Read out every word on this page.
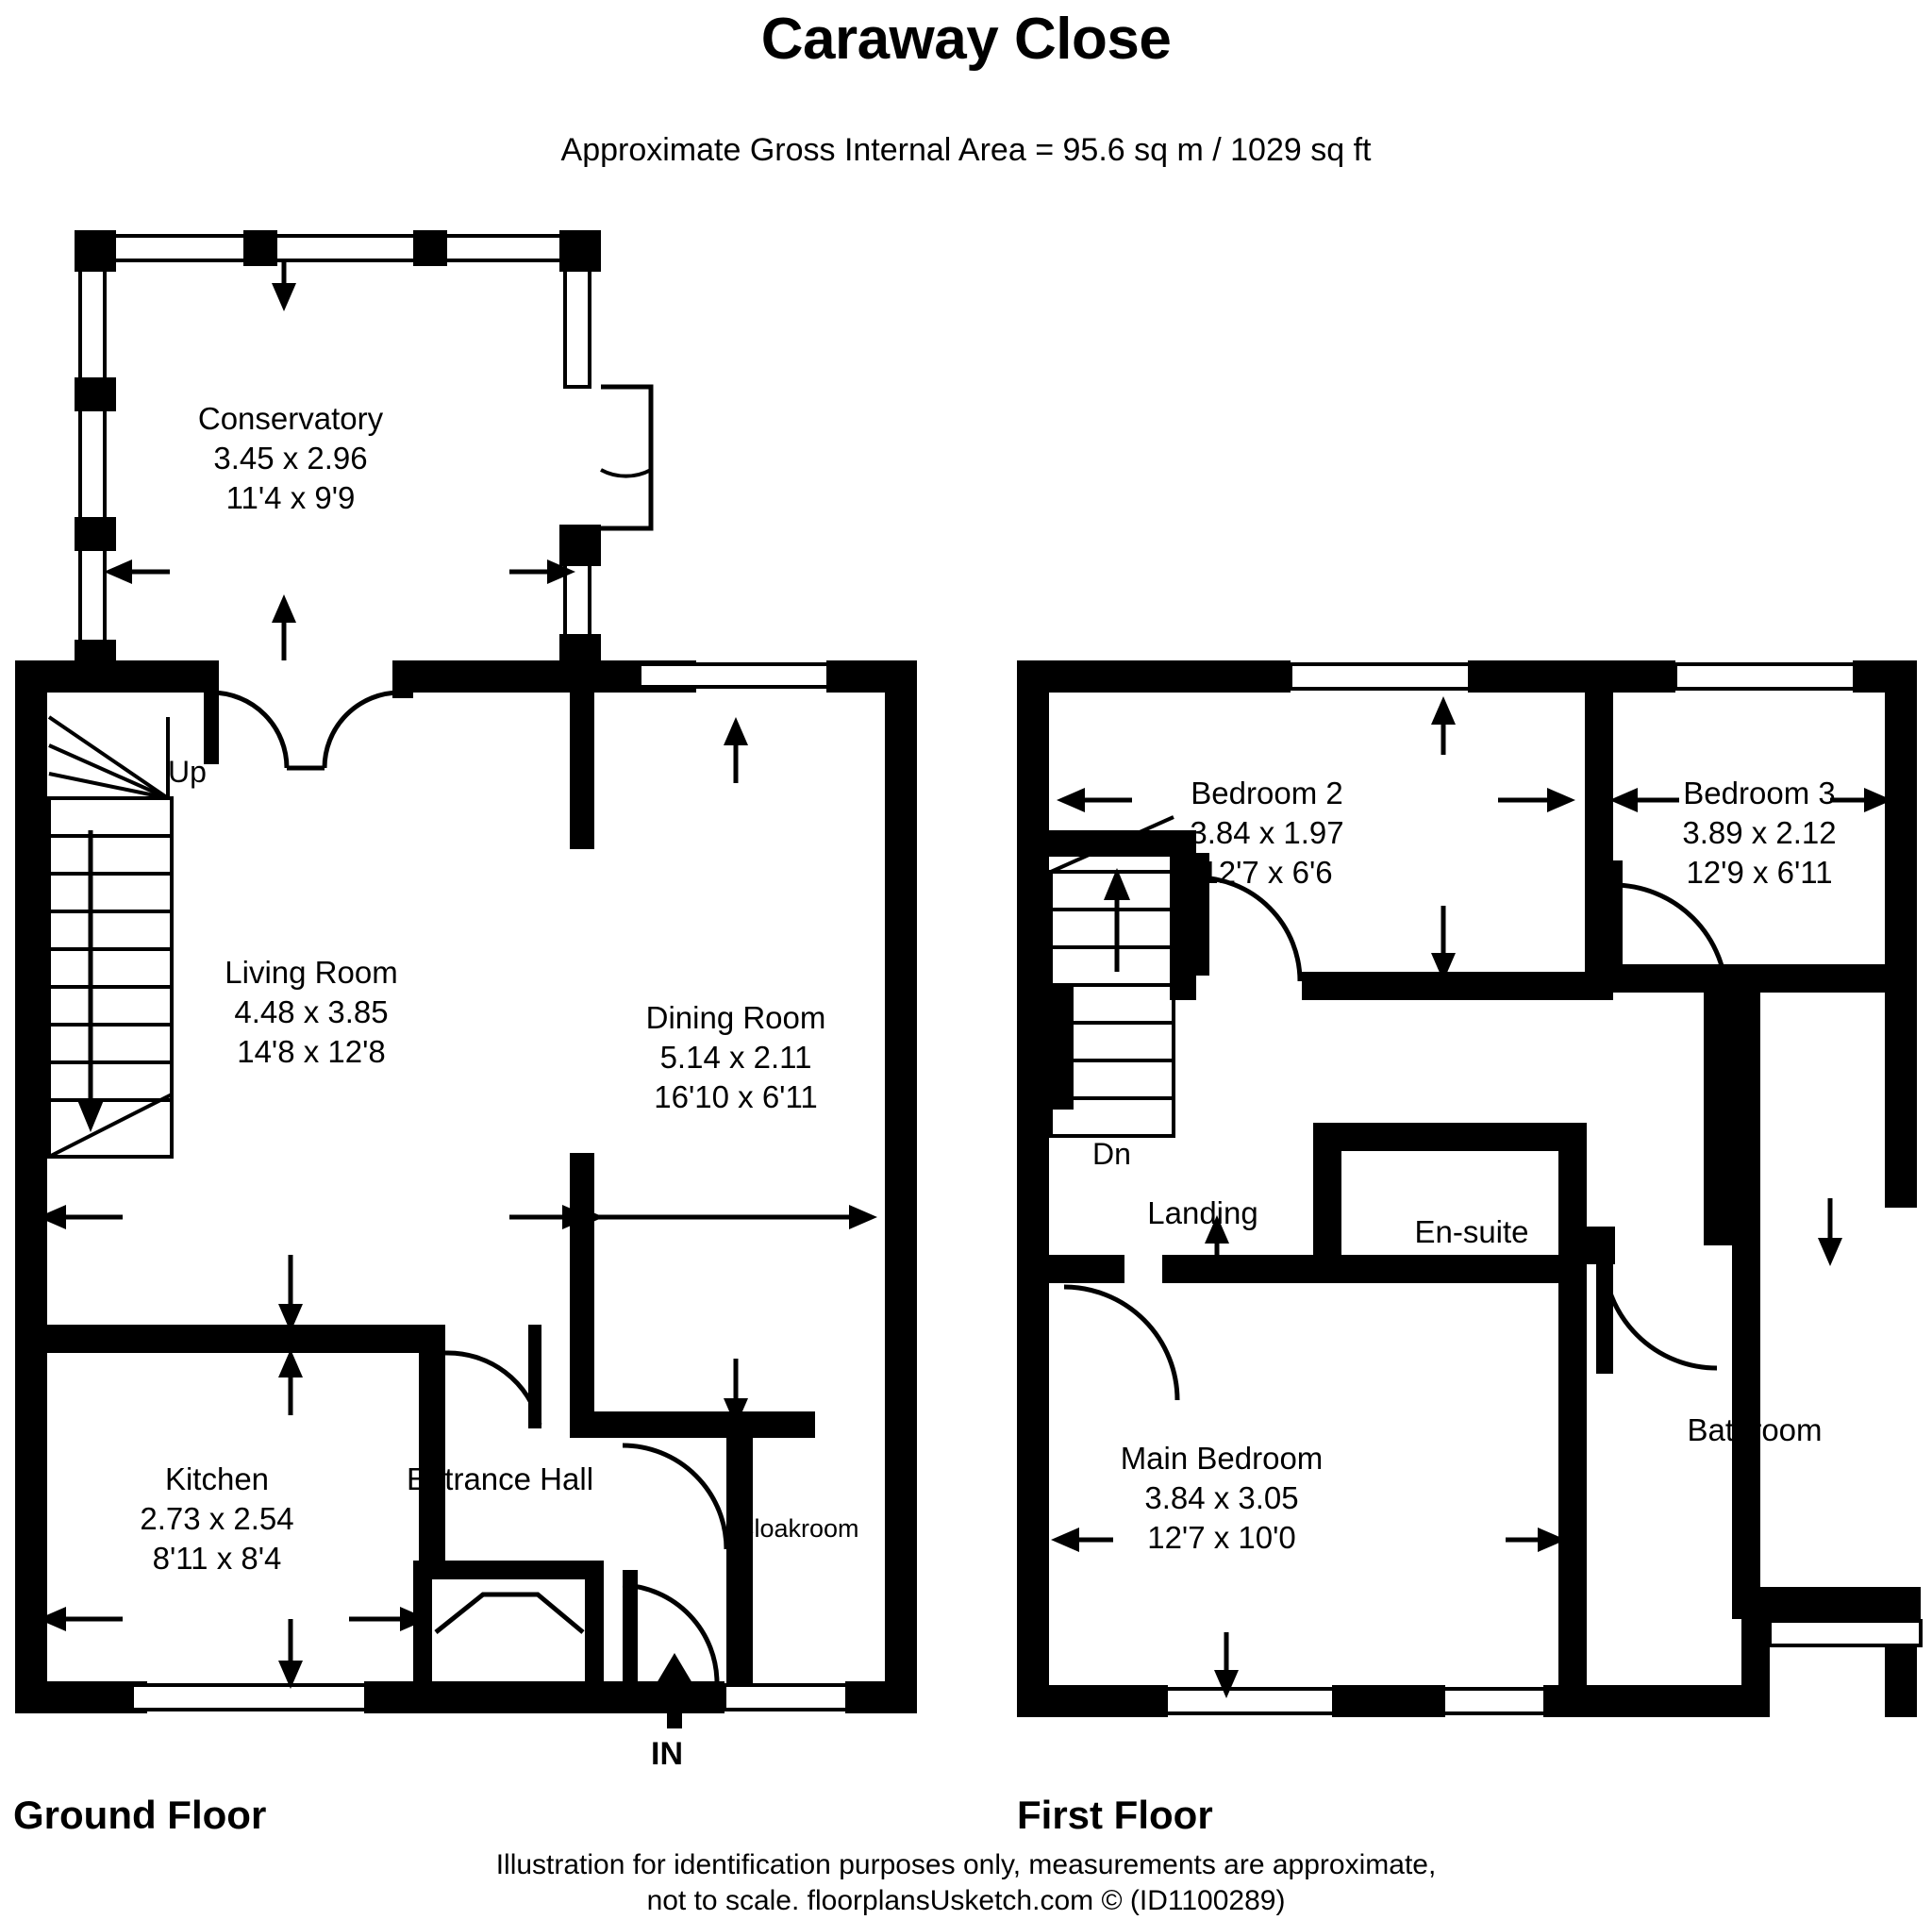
Caraway Close
Approximate Gross Internal Area = 95.6 sq m / 1029 sq ft
Conservatory
3.45 x 2.96
11'4 x 9'9
Living Room
4.48 x 3.85
14'8 x 12'8
Dining Room
5.14 x 2.11
16'10 x 6'11
Kitchen
2.73 x 2.54
8'11 x 8'4
Entrance Hall
Cloakroom
Up
IN
Ground Floor
Bedroom 2
3.84 x 1.97
12'7 x 6'6
Bedroom 3
3.89 x 2.12
12'9 x 6'11
Main Bedroom
3.84 x 3.05
12'7 x 10'0
En-suite
Bathroom
Landing
Dn
First Floor
Illustration for identification purposes only, measurements are approximate,
not to scale. floorplansUsketch.com © (ID1100289)
